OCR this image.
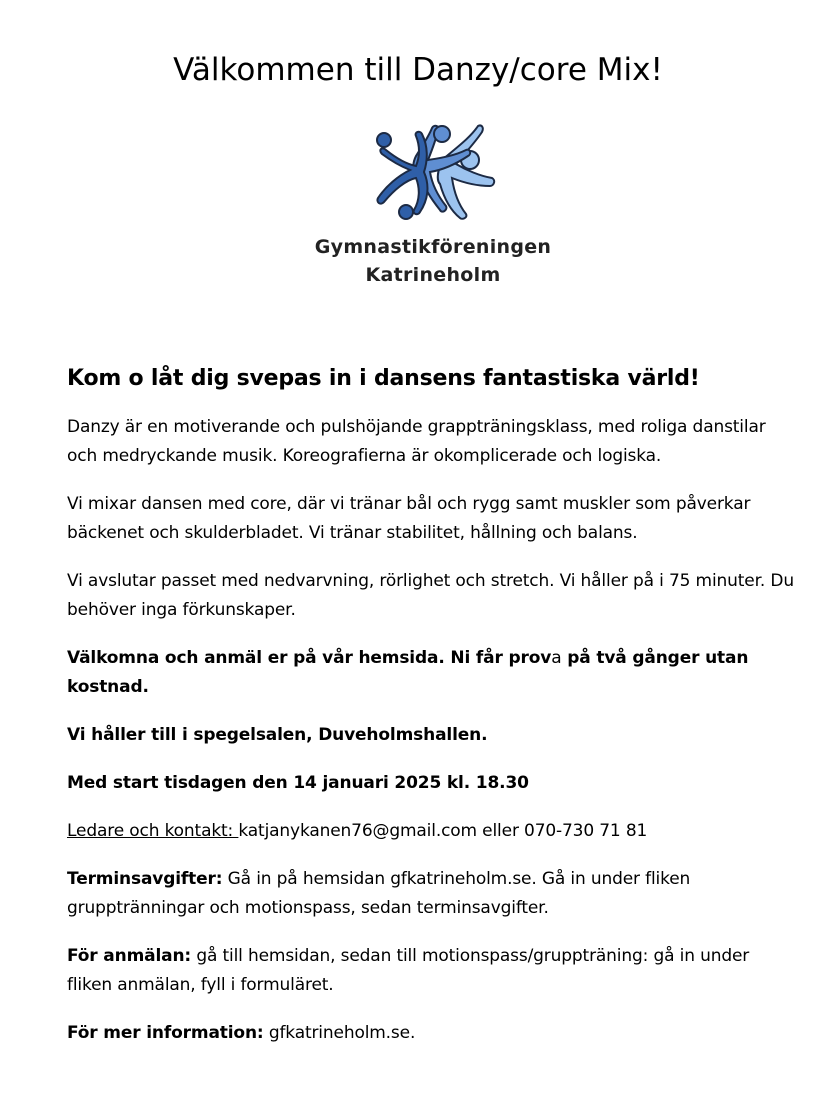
Välkommen till Danzy/core Mix!
Gymnastikföreningen
Katrineholm
Kom o låt dig svepas in i dansens fantastiska värld!

Danzy är en motiverande och pulshöjande grappträningsklass, med roliga danstilar och medryckande musik. Koreografierna är okomplicerade och logiska.

Vi mixar dansen med core, där vi tränar bål och rygg samt muskler som påverkar bäckenet och skulderbladet. Vi tränar stabilitet, hållning och balans.

Vi avslutar passet med nedvarvning, rörlighet och stretch. Vi håller på i 75 minuter. Du behöver inga förkunskaper.

Välkomna och anmäl er på vår hemsida. Ni får prova på två gånger utan kostnad.

Vi håller till i spegelsalen, Duveholmshallen.

Med start tisdagen den 14 januari 2025 kl. 18.30

Ledare och kontakt: katjanykanen76@gmail.com eller 070-730 71 81

Terminsavgifter: Gå in på hemsidan gfkatrineholm.se. Gå in under fliken grupptränningar och motionspass, sedan terminsavgifter.

För anmälan: gå till hemsidan, sedan till motionspass/gruppträning: gå in under fliken anmälan, fyll i formuläret.

För mer information: gfkatrineholm.se.
